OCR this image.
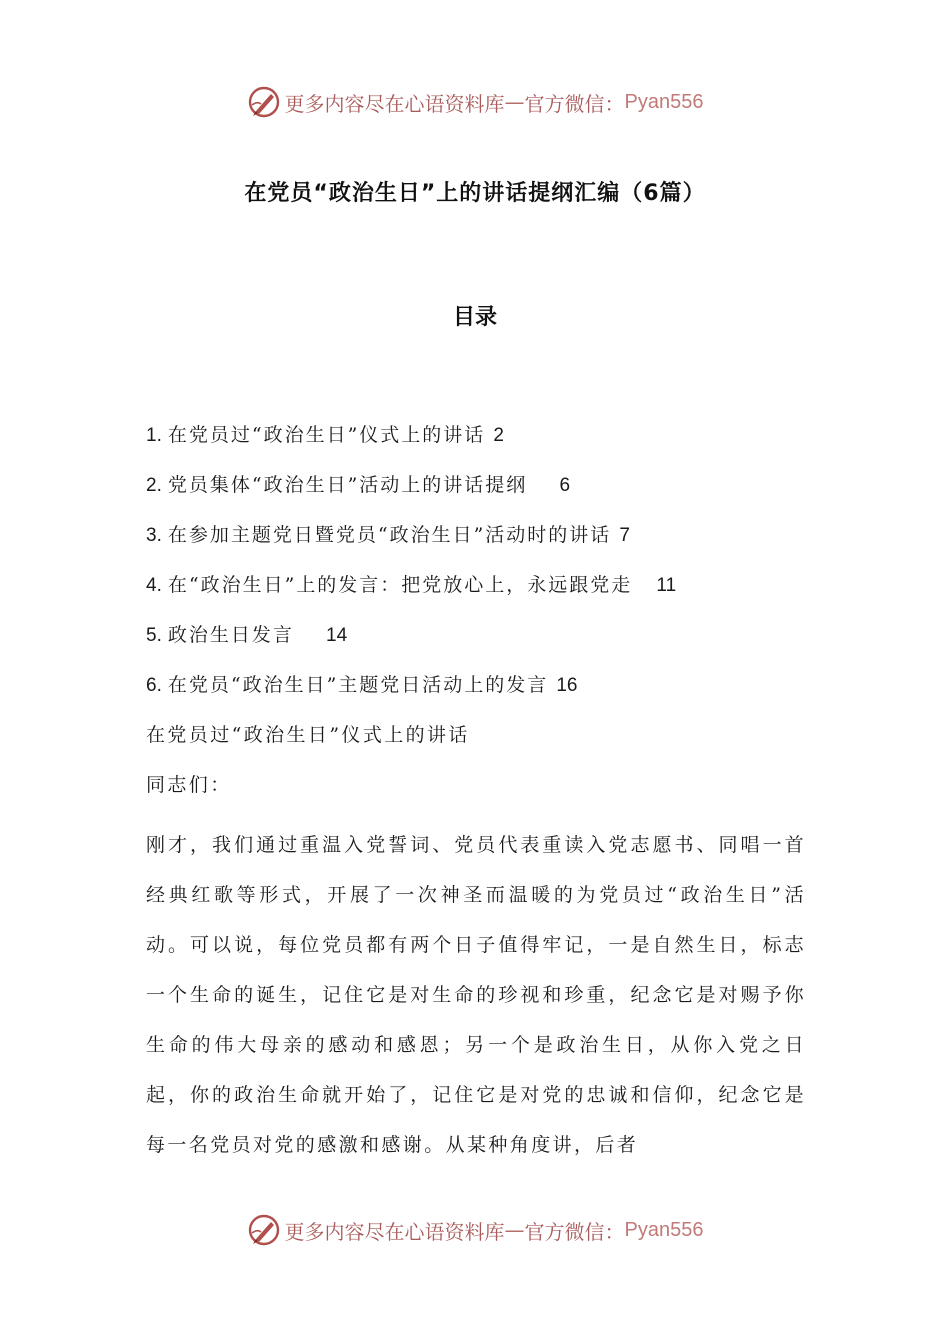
更多内容尽在心语资料库 — 官方微信： Pyan556
在党员“政治生日”上的讲话提纲汇编（6篇）
目录
1. 在党员过“政治生日”仪式上的讲话 2
2. 党员集体“政治生日”活动上的讲话提纲 6
3. 在参加主题党日暨党员“政治生日”活动时的讲话 7
4. 在“政治生日”上的发言：把党放心上，永远跟党走 11
5. 政治生日发言 14
6. 在党员“政治生日”主题党日活动上的发言 16
在党员过“政治生日”仪式上的讲话
同志们：

刚才，我们通过重温入党誓词、党员代表重读入党志愿书、同唱一首经典红歌等形式，开展了一次神圣而温暖的为党员过“政治生日”活动。可以说，每位党员都有两个日子值得牢记，一是自然生日，标志一个生命的诞生，记住它是对生命的珍视和珍重，纪念它是对赐予你生命的伟大母亲的感动和感恩；另一个是政治生日，从你入党之日起，你的政治生命就开始了，记住它是对党的忠诚和信仰，纪念它是每一名党员对党的感激和感谢。从某种角度讲，后者

更多内容尽在心语资料库 — 官方微信： Pyan556
